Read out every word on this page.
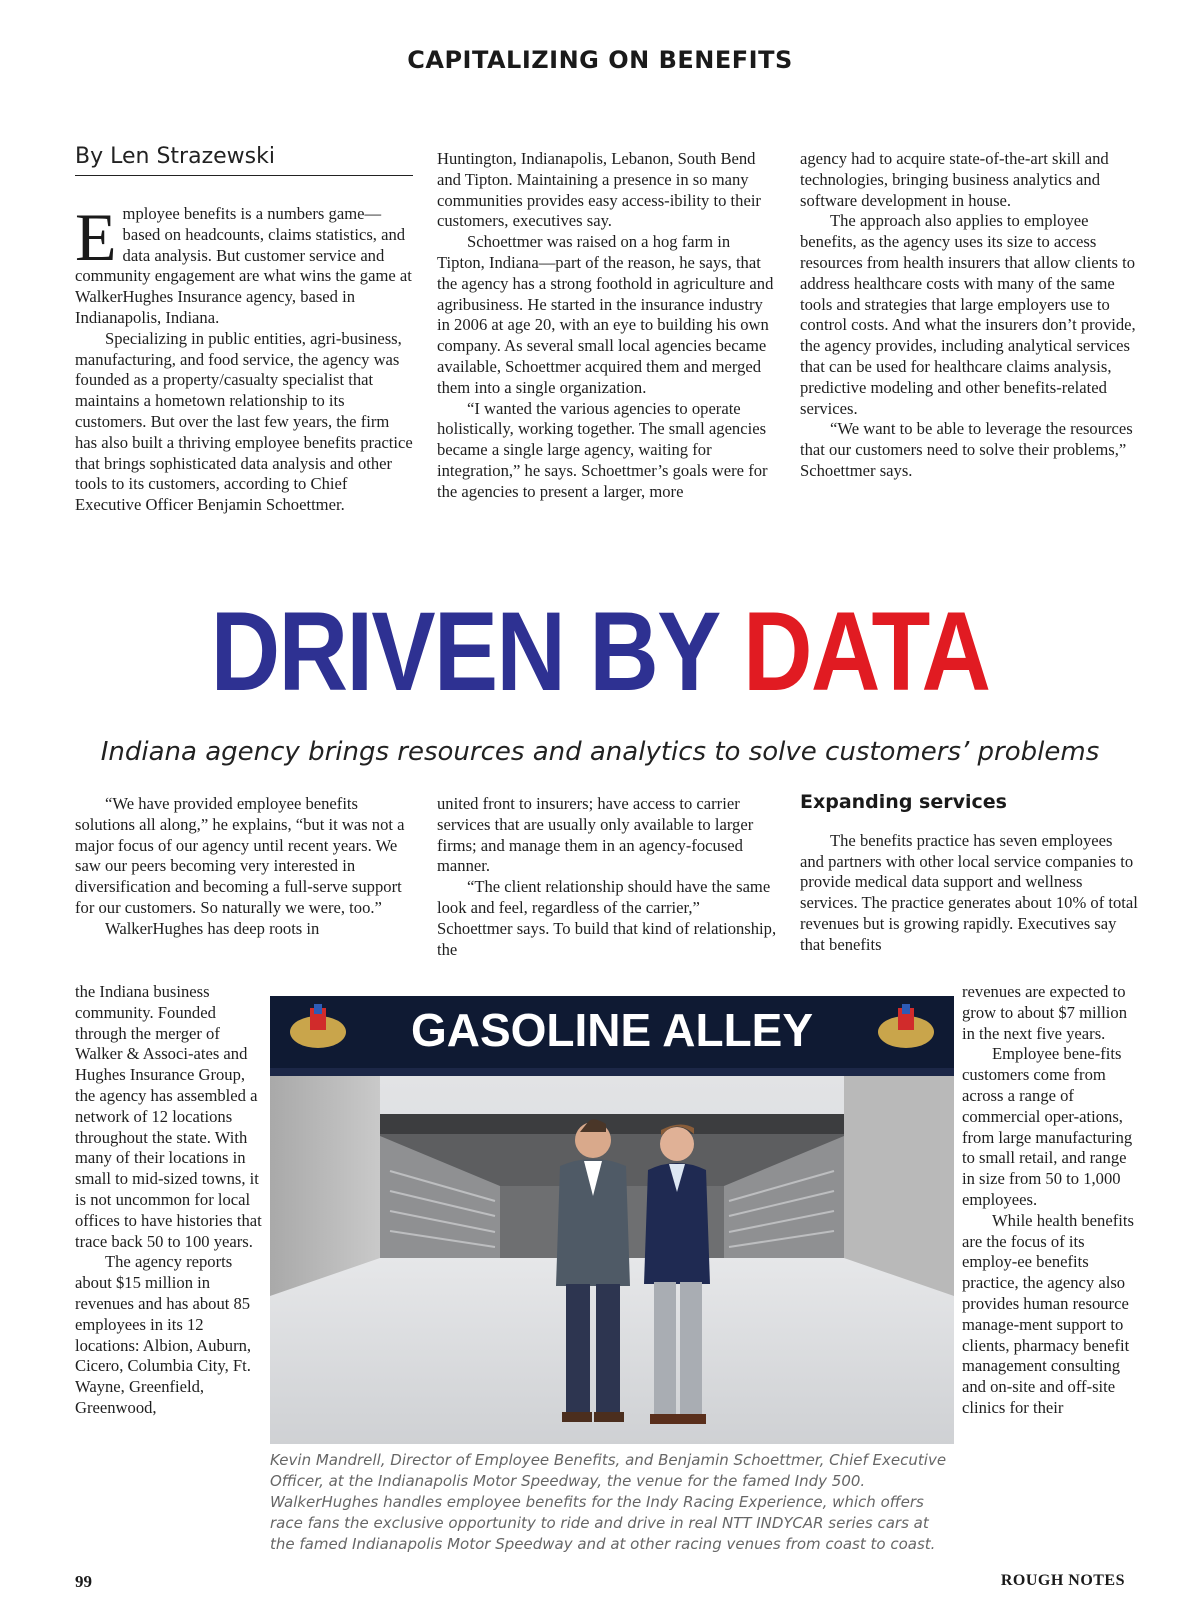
CAPITALIZING ON BENEFITS
By Len Strazewski

Employee benefits is a numbers game—based on headcounts, claims statistics, and data analysis. But customer service and community engagement are what wins the game at WalkerHughes Insurance agency, based in Indianapolis, Indiana.

Specializing in public entities, agri-business, manufacturing, and food service, the agency was founded as a property/casualty specialist that maintains a hometown relationship to its customers. But over the last few years, the firm has also built a thriving employee benefits practice that brings sophisticated data analysis and other tools to its customers, according to Chief Executive Officer Benjamin Schoettmer.

Huntington, Indianapolis, Lebanon, South Bend and Tipton. Maintaining a presence in so many communities provides easy access-ibility to their customers, executives say.

Schoettmer was raised on a hog farm in Tipton, Indiana—part of the reason, he says, that the agency has a strong foothold in agriculture and agribusiness. He started in the insurance industry in 2006 at age 20, with an eye to building his own company. As several small local agencies became available, Schoettmer acquired them and merged them into a single organization.

“I wanted the various agencies to operate holistically, working together. The small agencies became a single large agency, waiting for integration,” he says. Schoettmer’s goals were for the agencies to present a larger, more

agency had to acquire state-of-the-art skill and technologies, bringing business analytics and software development in house.

The approach also applies to employee benefits, as the agency uses its size to access resources from health insurers that allow clients to address healthcare costs with many of the same tools and strategies that large employers use to control costs. And what the insurers don’t provide, the agency provides, including analytical services that can be used for healthcare claims analysis, predictive modeling and other benefits-related services.

“We want to be able to leverage the resources that our customers need to solve their problems,” Schoettmer says.

DRIVEN BY DATA
Indiana agency brings resources and analytics to solve customers’ problems

“We have provided employee benefits solutions all along,” he explains, “but it was not a major focus of our agency until recent years. We saw our peers becoming very interested in diversification and becoming a full-serve support for our customers. So naturally we were, too.”

WalkerHughes has deep roots in

the Indiana business community. Founded through the merger of Walker & Associ-ates and Hughes Insurance Group, the agency has assembled a network of 12 locations throughout the state. With many of their locations in small to mid-sized towns, it is not uncommon for local offices to have histories that trace back 50 to 100 years.

The agency reports about $15 million in revenues and has about 85 employees in its 12 locations: Albion, Auburn, Cicero, Columbia City, Ft. Wayne, Greenfield, Greenwood,

united front to insurers; have access to carrier services that are usually only available to larger firms; and manage them in an agency-focused manner.

“The client relationship should have the same look and feel, regardless of the carrier,” Schoettmer says. To build that kind of relationship, the

Expanding services

The benefits practice has seven employees and partners with other local service companies to provide medical data support and wellness services. The practice generates about 10% of total revenues but is growing rapidly. Executives say that benefits

revenues are expected to grow to about $7 million in the next five years.

Employee bene-fits customers come from across a range of commercial oper-ations, from large manufacturing to small retail, and range in size from 50 to 1,000 employees.

While health benefits are the focus of its employ-ee benefits practice, the agency also provides human resource manage-ment support to clients, pharmacy benefit management consulting and on-site and off-site clinics for their

GASOLINE ALLEY
Kevin Mandrell, Director of Employee Benefits, and Benjamin Schoettmer, Chief Executive Officer, at the Indianapolis Motor Speedway, the venue for the famed Indy 500. WalkerHughes handles employee benefits for the Indy Racing Experience, which offers race fans the exclusive opportunity to ride and drive in real NTT INDYCAR series cars at the famed Indianapolis Motor Speedway and at other racing venues from coast to coast.
99	ROUGH NOTES
